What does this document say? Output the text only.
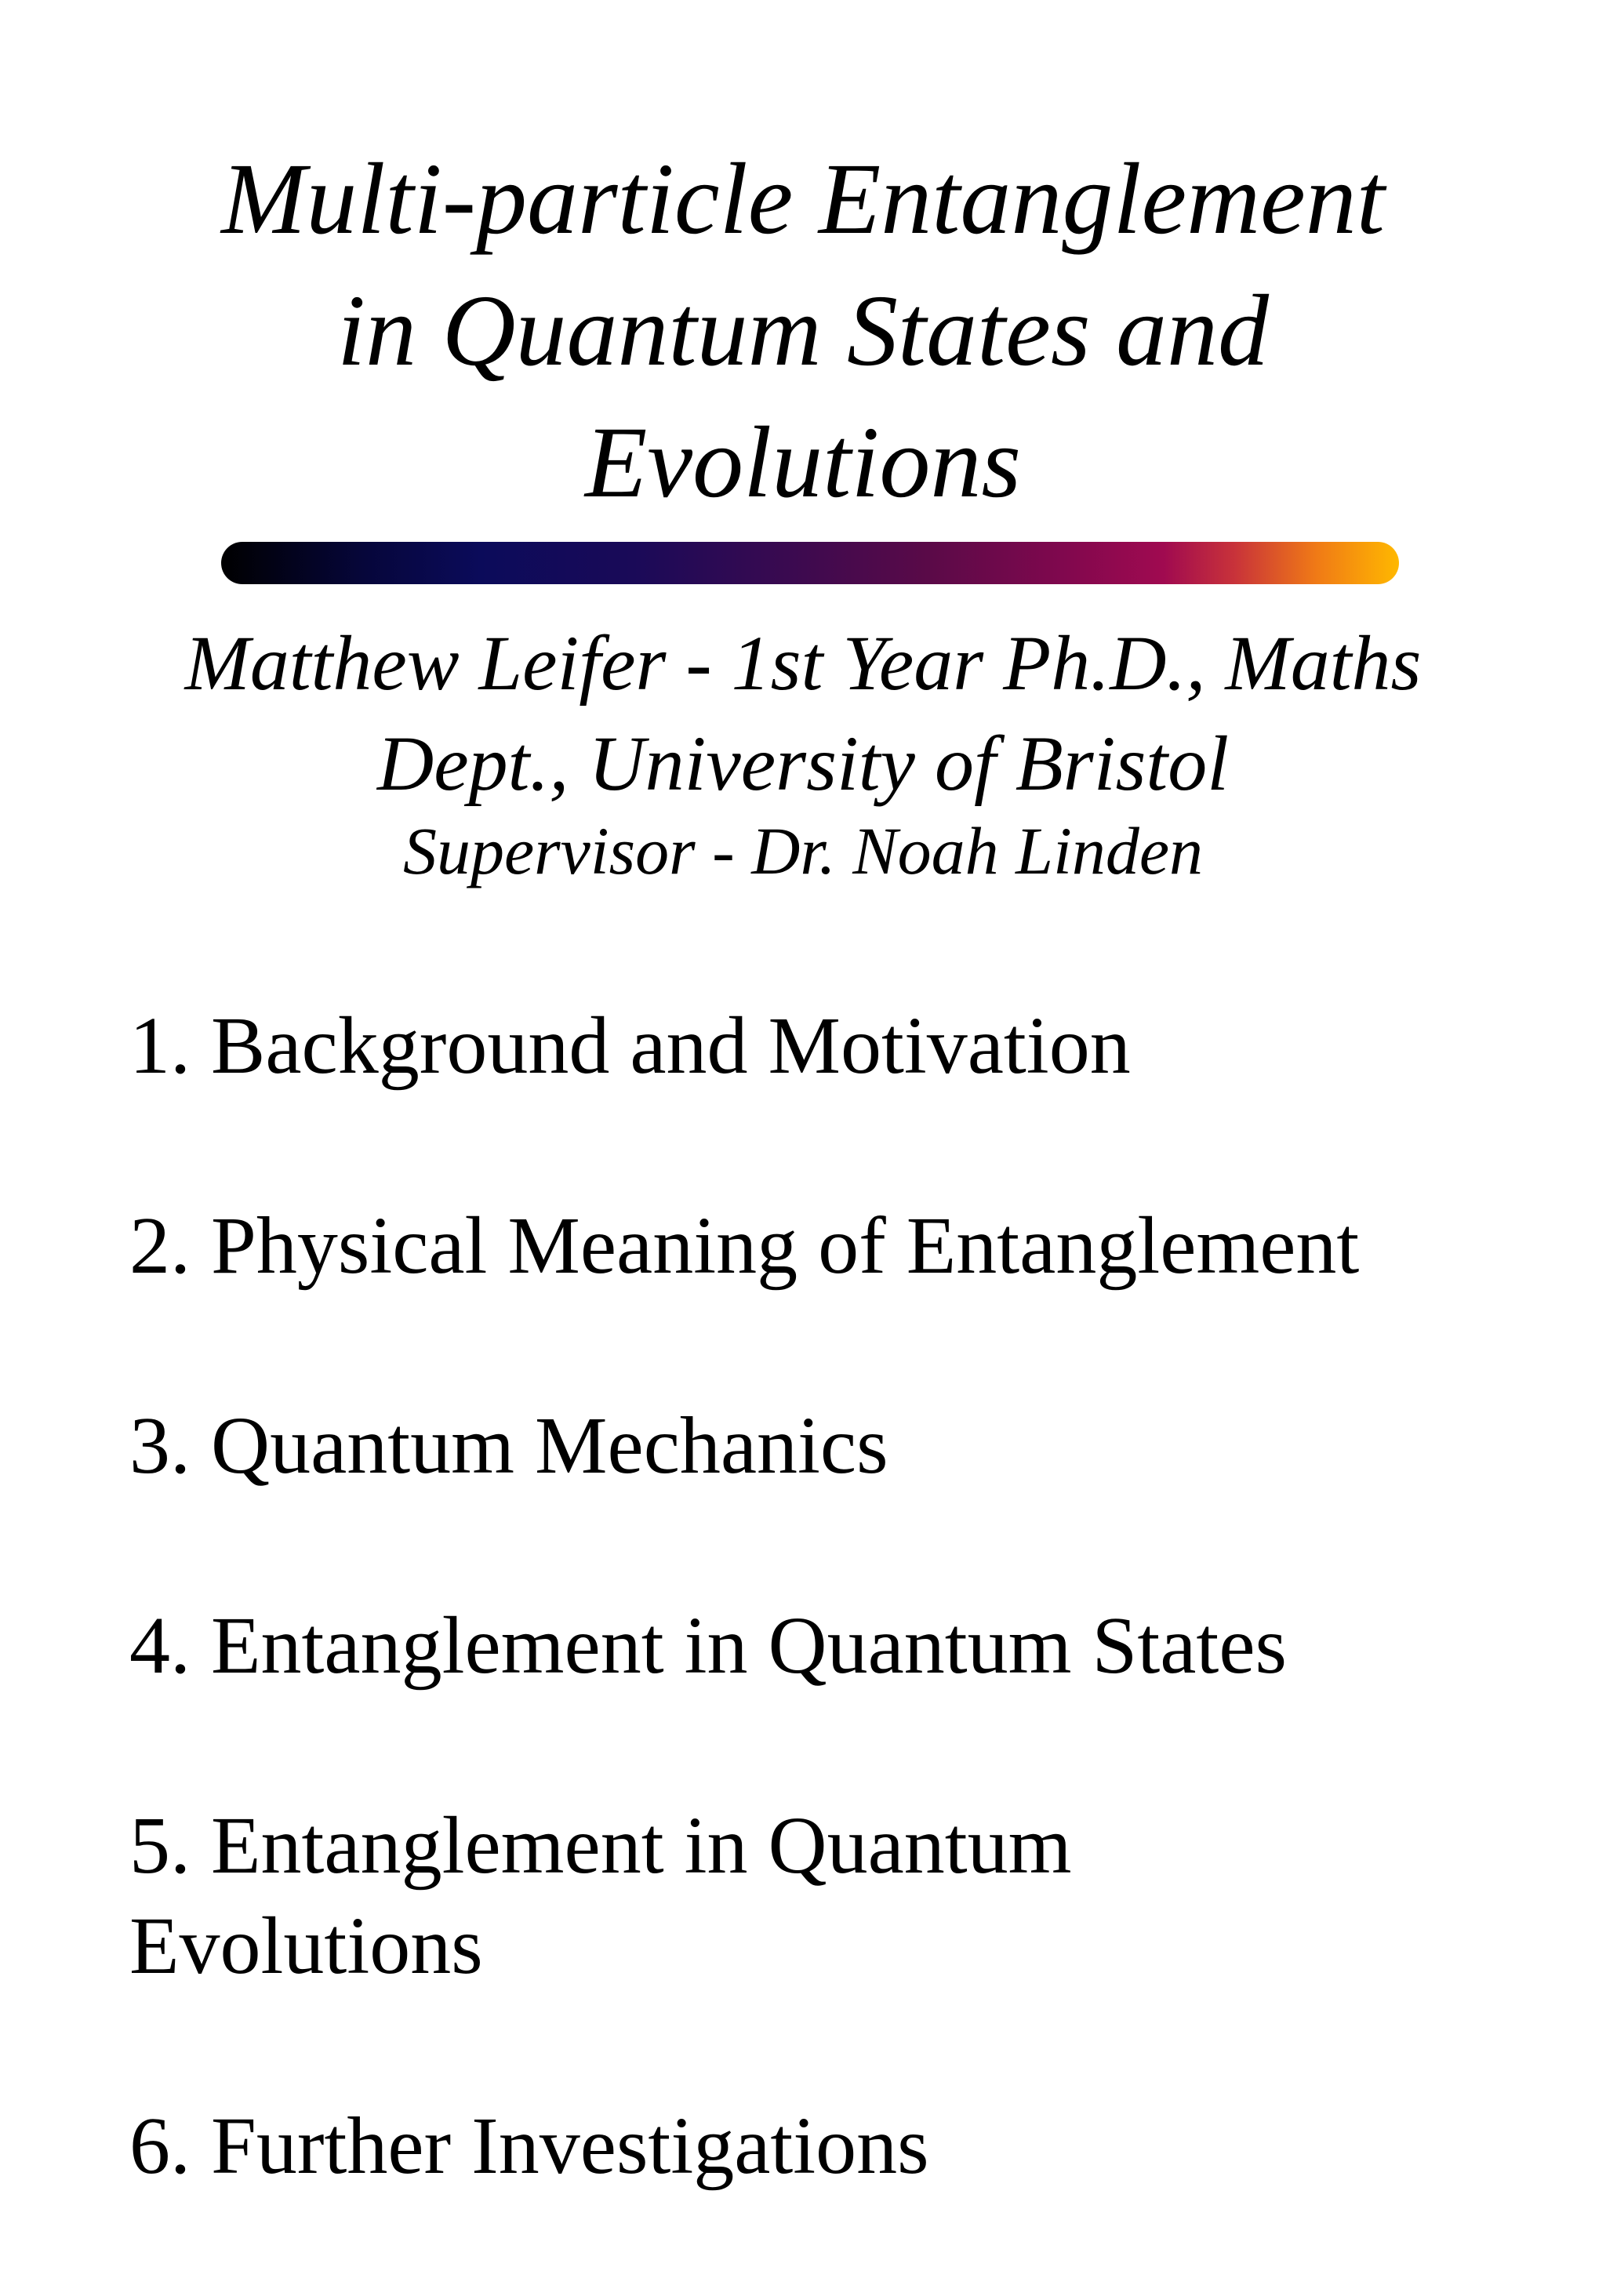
Multi-particle Entanglement
in Quantum States and
Evolutions
Matthew Leifer - 1st Year Ph.D., Maths
Dept., University of Bristol
Supervisor - Dr. Noah Linden
1. Background and Motivation
2. Physical Meaning of Entanglement
3. Quantum Mechanics
4. Entanglement in Quantum States
5. Entanglement in Quantum Evolutions
6. Further Investigations
